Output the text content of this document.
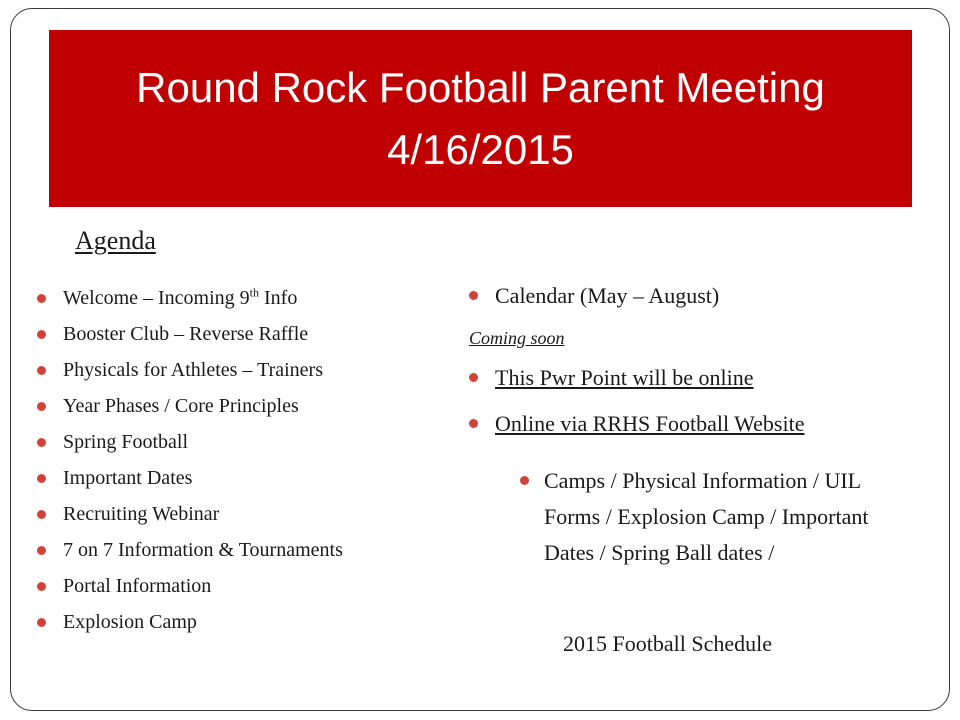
Round Rock Football Parent Meeting
4/16/2015
Agenda
Welcome – Incoming 9th Info
Booster Club – Reverse Raffle
Physicals for Athletes – Trainers
Year Phases / Core Principles
Spring Football
Important Dates
Recruiting Webinar
7 on 7 Information & Tournaments
Portal Information
Explosion Camp
Calendar (May – August)
Coming soon
This Pwr Point will be online
Online via RRHS Football Website
Camps / Physical Information / UIL Forms / Explosion Camp / Important Dates / Spring Ball dates /
2015 Football Schedule
